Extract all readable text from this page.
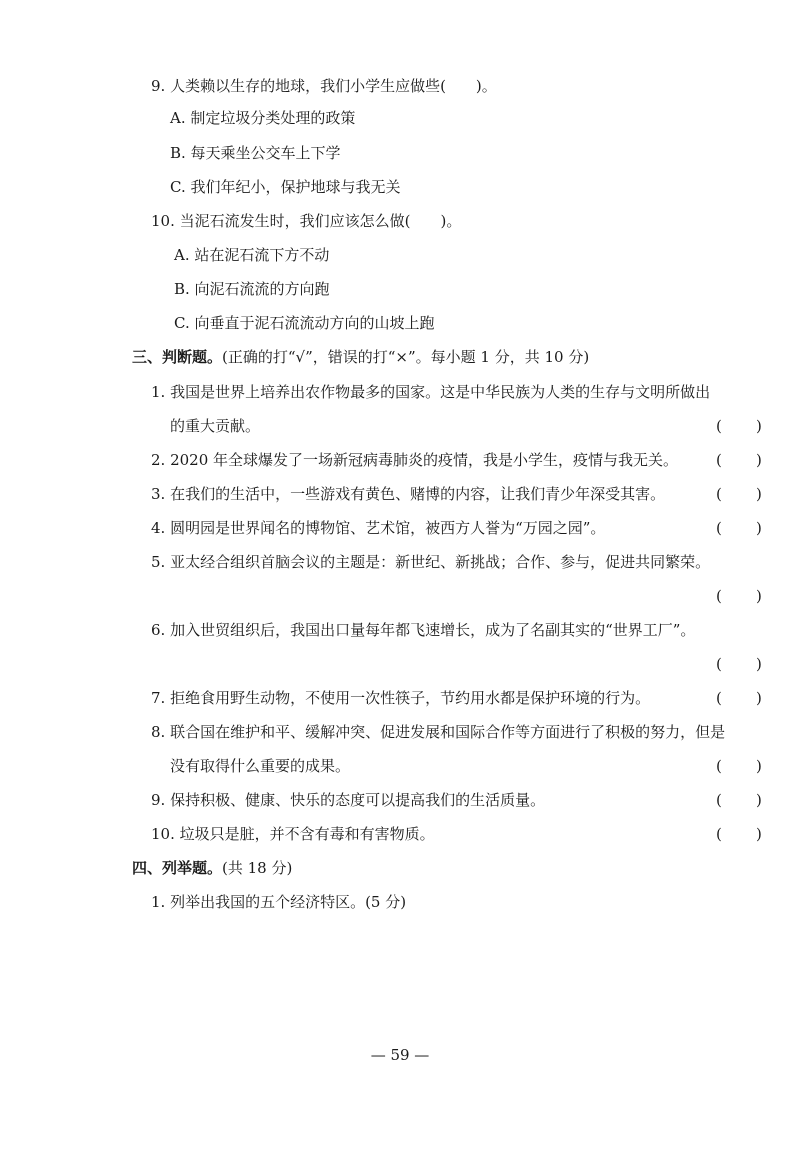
9. 人类赖以生存的地球，我们小学生应做些(　　)。
A. 制定垃圾分类处理的政策
B. 每天乘坐公交车上下学
C. 我们年纪小，保护地球与我无关
10. 当泥石流发生时，我们应该怎么做(　　)。
A. 站在泥石流下方不动
B. 向泥石流流的方向跑
C. 向垂直于泥石流流动方向的山坡上跑
三、判断题。(正确的打“√”，错误的打“×”。每小题 1 分，共 10 分)
1. 我国是世界上培养出农作物最多的国家。这是中华民族为人类的生存与文明所做出
的重大贡献。	( )
2. 2020 年全球爆发了一场新冠病毒肺炎的疫情，我是小学生，疫情与我无关。	( )
3. 在我们的生活中，一些游戏有黄色、赌博的内容，让我们青少年深受其害。	( )
4. 圆明园是世界闻名的博物馆、艺术馆，被西方人誉为“万园之园”。	( )
5. 亚太经合组织首脑会议的主题是：新世纪、新挑战；合作、参与，促进共同繁荣。
( )
6. 加入世贸组织后，我国出口量每年都飞速增长，成为了名副其实的“世界工厂”。
( )
7. 拒绝食用野生动物，不使用一次性筷子，节约用水都是保护环境的行为。	( )
8. 联合国在维护和平、缓解冲突、促进发展和国际合作等方面进行了积极的努力，但是
没有取得什么重要的成果。	( )
9. 保持积极、健康、快乐的态度可以提高我们的生活质量。	( )
10. 垃圾只是脏，并不含有毒和有害物质。	( )
四、列举题。(共 18 分)
1. 列举出我国的五个经济特区。(5 分)
— 59 —
